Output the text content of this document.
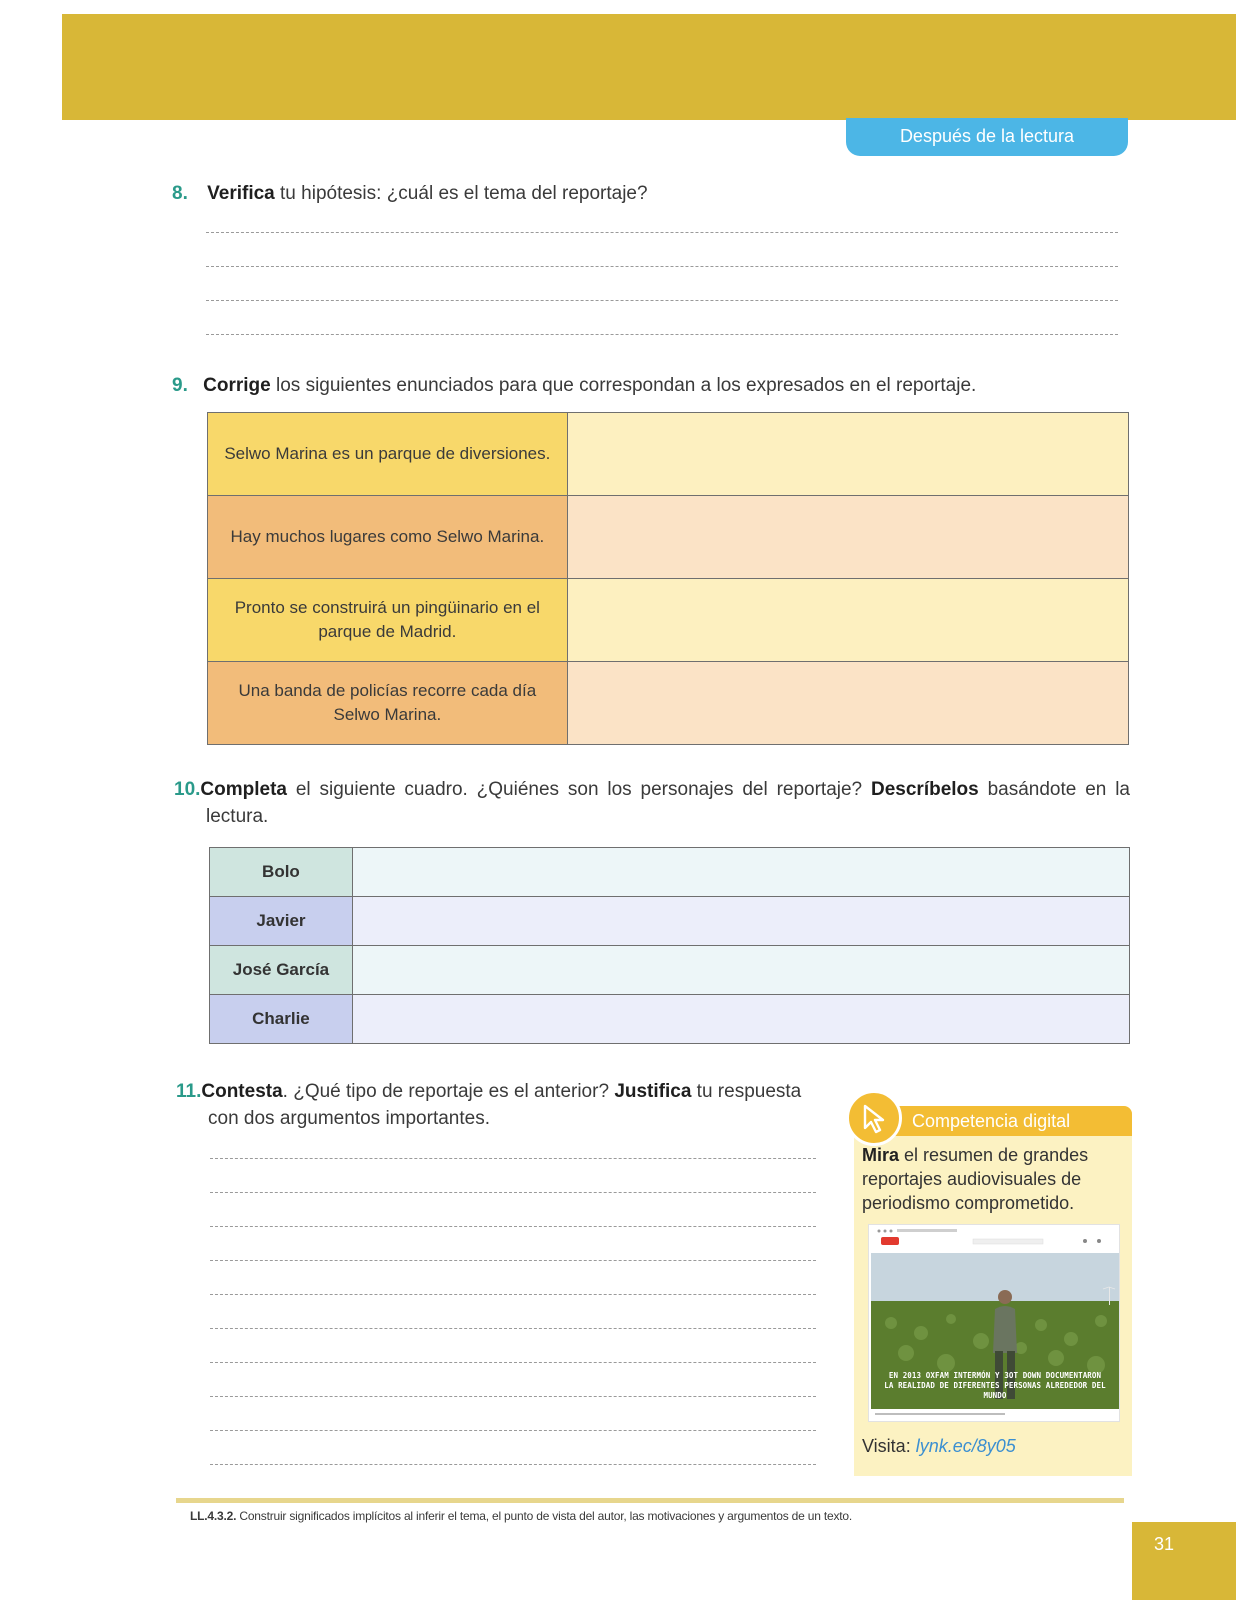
Después de la lectura
8. Verifica tu hipótesis: ¿cuál es el tema del reportaje?
9. Corrige los siguientes enunciados para que correspondan a los expresados en el reportaje.
Selwo Marina es un parque de diversiones.	
Hay muchos lugares como Selwo Marina.	
Pronto se construirá un pingüinario en el parque de Madrid.	
Una banda de policías recorre cada día Selwo Marina.	
10.Completa el siguiente cuadro. ¿Quiénes son los personajes del reportaje? Descríbelos basándote en la lectura.
Bolo	
Javier	
José García	
Charlie	
11.Contesta. ¿Qué tipo de reportaje es el anterior? Justifica tu respuesta con dos argumentos importantes.	Competencia digital
Mira el resumen de grandes reportajes audiovisuales de periodismo comprometido.
EN 2013 OXFAM INTERMÓN Y 3OT DOWN DOCUMENTARON
LA REALIDAD DE DIFERENTES PERSONAS ALREDEDOR DEL MUNDO
Visita: lynk.ec/8y05
LL.4.3.2. Construir significados implícitos al inferir el tema, el punto de vista del autor, las motivaciones y argumentos de un texto.
31
